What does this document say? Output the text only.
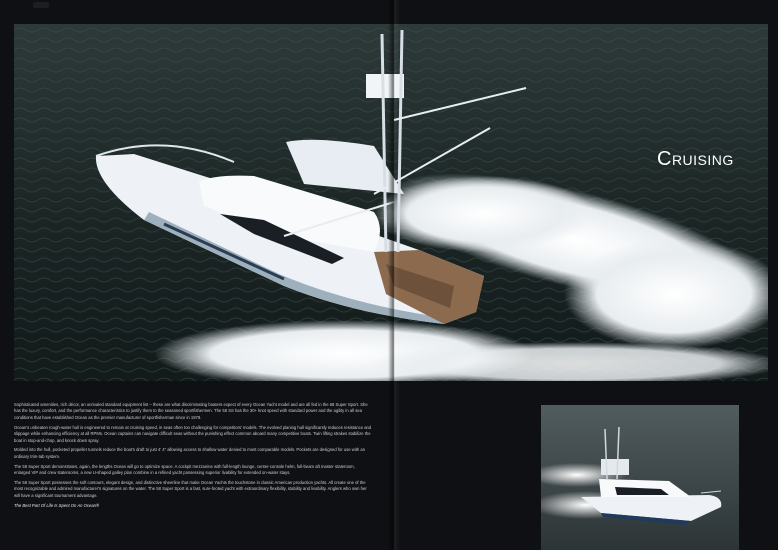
Cruising

Sophisticated amenities, rich décor, an unrivaled standard equipment list – these are what discriminating boaters expect of every Ocean Yacht model and are all fed in the 58 Super Sport. She has the luxury, comfort, and the performance characteristics to justify them to the seasoned sportfishermen. The 58 SS has the 30+ knot speed with standard power and the agility in all sea conditions that have established Ocean as the premier manufacturer of sportfisherman since in 1978.

Ocean's unbeaten rough-water hull is engineered to remain at cruising speed, in seas often too challenging for competitors' models. The evolved planing hull significantly reduces resistance and slippage while enhancing efficiency at all RPMs. Ocean captains can navigate difficult seas without the punishing effect common aboard many competitive boats. Twin lifting strakes stabilize the boat in stop-and-chop, and knock down spray.

Molded into the hull, pocketed propeller tunnels reduce the boat's draft to just 4' 4" allowing access to shallow water denied to most comparable models. Pockets are designed for use with an ordinary trim-tab system.

The 58 Super Sport demonstrates, again, the lengths Ocean will go to optimize space. A cockpit mezzanine with full-length lounge, center-console helm, full-beam aft master stateroom, enlarged VIP and crew staterooms, a new U-shaped galley plan combine in a refined yacht possessing superior livability for extended on-water stays.

The 58 Super Sport possesses the soft contours, elegant design, and distinctive sheerline that make Ocean Yachts the touchstone in classic American production yachts. All create one of the most recognizable and admired manufacturer's signatures on the water. The 58 Super Sport is a fast, sure-footed yacht with extraordinary flexibility, stability and livability. Anglers who own her will have a significant tournament advantage.

The Best Part Of Life Is Spent On An Ocean®
